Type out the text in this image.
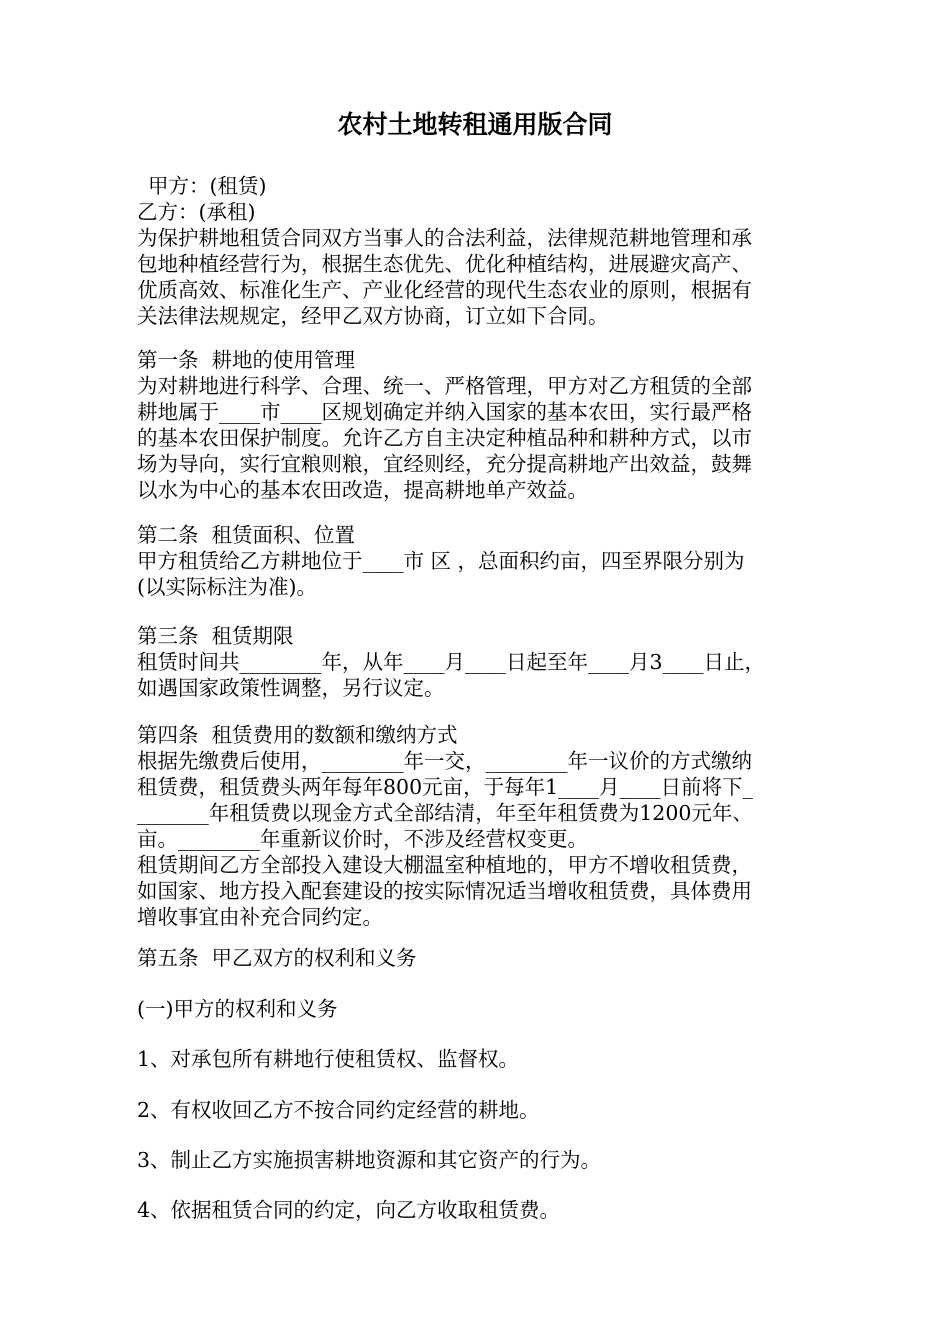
农村土地转租通用版合同
甲方：(租赁)
乙方：(承租)
为保护耕地租赁合同双方当事人的合法利益，法律规范耕地管理和承
包地种植经营行为，根据生态优先、优化种植结构，进展避灾高产、
优质高效、标准化生产、产业化经营的现代生态农业的原则，根据有
关法律法规规定，经甲乙双方协商，订立如下合同。
第一条  耕地的使用管理
为对耕地进行科学、合理、统一、严格管理，甲方对乙方租赁的全部
耕地属于____市____区规划确定并纳入国家的基本农田，实行最严格
的基本农田保护制度。允许乙方自主决定种植品种和耕种方式，以市
场为导向，实行宜粮则粮，宜经则经，充分提高耕地产出效益，鼓舞
以水为中心的基本农田改造，提高耕地单产效益。
第二条  租赁面积、位置
甲方租赁给乙方耕地位于____市 区 ，总面积约亩，四至界限分别为
(以实际标注为准)。
第三条  租赁期限
租赁时间共________年，从年____月____日起至年____月3____日止，
如遇国家政策性调整，另行议定。
第四条  租赁费用的数额和缴纳方式
根据先缴费后使用，________年一交，________年一议价的方式缴纳
租赁费，租赁费头两年每年800元亩，于每年1____月____日前将下_
_______年租赁费以现金方式全部结清，年至年租赁费为1200元年、
亩。________年重新议价时，不涉及经营权变更。
租赁期间乙方全部投入建设大棚温室种植地的，甲方不增收租赁费，
如国家、地方投入配套建设的按实际情况适当增收租赁费，具体费用
增收事宜由补充合同约定。
第五条  甲乙双方的权利和义务
(一)甲方的权利和义务
1、对承包所有耕地行使租赁权、监督权。
2、有权收回乙方不按合同约定经营的耕地。
3、制止乙方实施损害耕地资源和其它资产的行为。
4、依据租赁合同的约定，向乙方收取租赁费。
